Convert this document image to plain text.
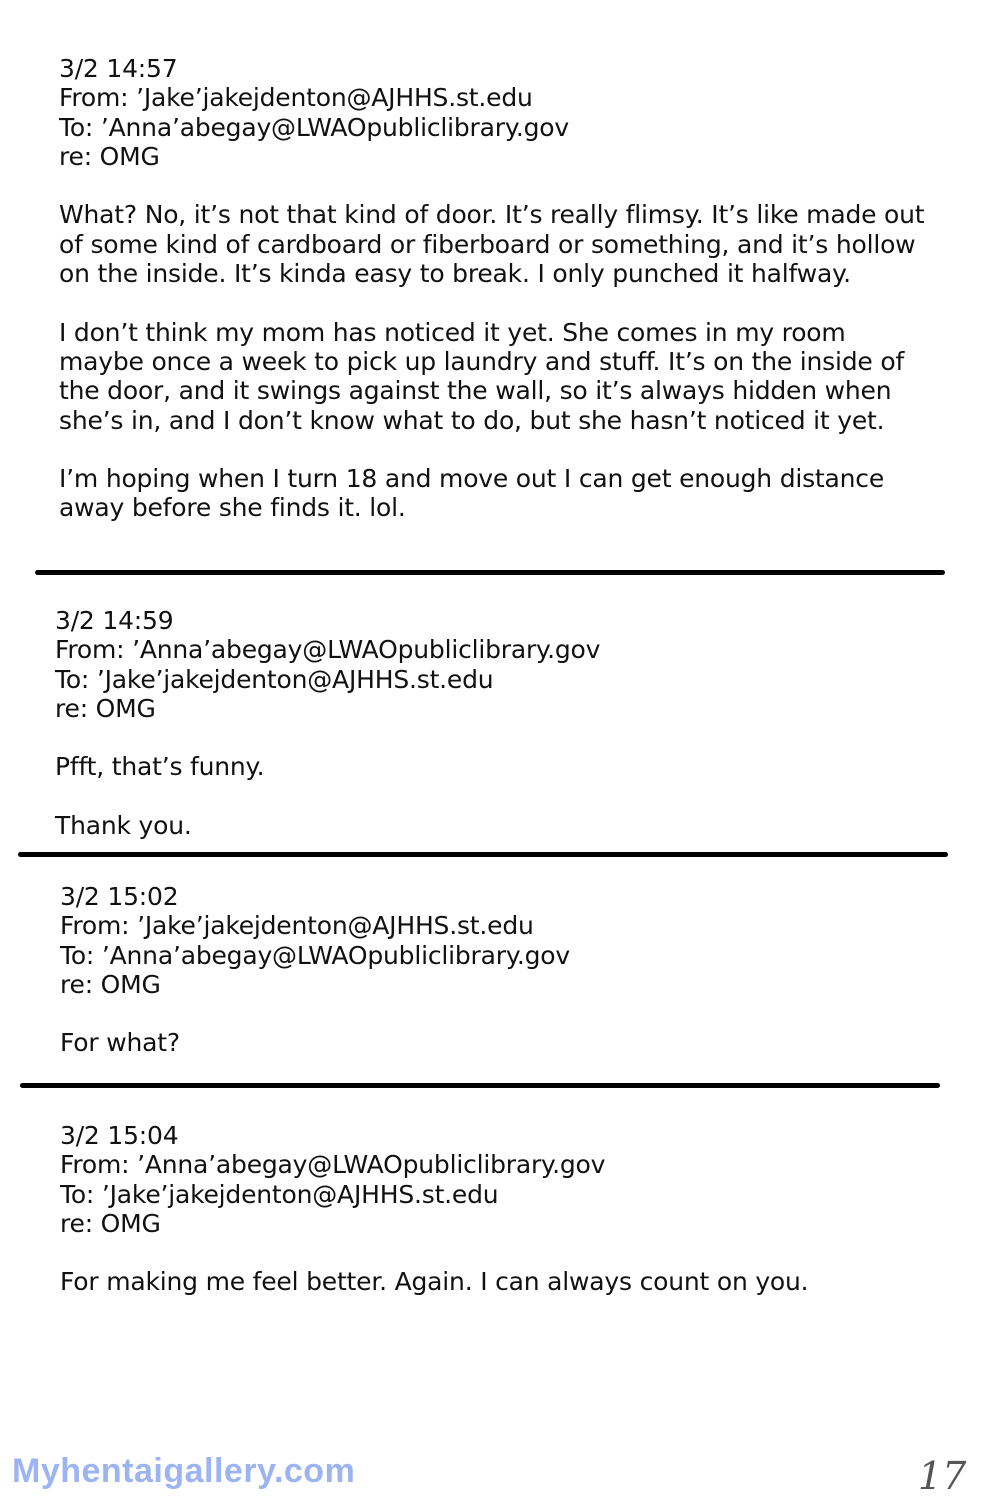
3/2 14:57
From: ’Jake’jakejdenton@AJHHS.st.edu
To: ’Anna’abegay@LWAOpubliclibrary.gov
re: OMG

What? No, it’s not that kind of door. It’s really flimsy. It’s like made out of some kind of cardboard or fiberboard or something, and it’s hollow on the inside. It’s kinda easy to break. I only punched it halfway.

I don’t think my mom has noticed it yet. She comes in my room maybe once a week to pick up laundry and stuff. It’s on the inside of the door, and it swings against the wall, so it’s always hidden when she’s in, and I don’t know what to do, but she hasn’t noticed it yet.

I’m hoping when I turn 18 and move out I can get enough distance away before she finds it. lol.

3/2 14:59
From: ’Anna’abegay@LWAOpubliclibrary.gov
To: ’Jake’jakejdenton@AJHHS.st.edu
re: OMG

Pfft, that’s funny.

Thank you.

3/2 15:02
From: ’Jake’jakejdenton@AJHHS.st.edu
To: ’Anna’abegay@LWAOpubliclibrary.gov
re: OMG

For what?

3/2 15:04
From: ’Anna’abegay@LWAOpubliclibrary.gov
To: ’Jake’jakejdenton@AJHHS.st.edu
re: OMG

For making me feel better. Again. I can always count on you.

Myhentaigallery.com	17
